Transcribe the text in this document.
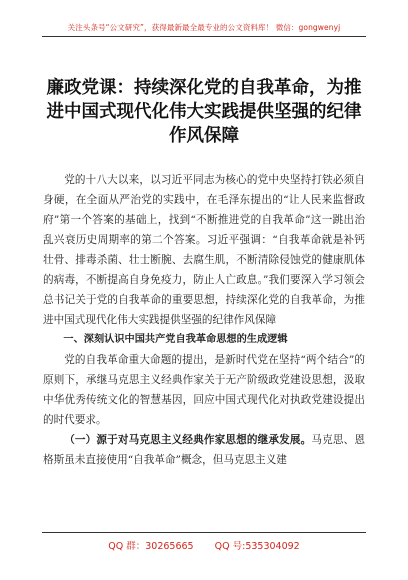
关注头条号“公文研究”，获得最新最全最专业的公文资料库！ 微信：gongwenyj
廉政党课：持续深化党的自我革命，为推进中国式现代化伟大实践提供坚强的纪律作风保障

党的十八大以来，以习近平同志为核心的党中央坚持打铁必须自身硬，在全面从严治党的实践中，在毛泽东提出的“让人民来监督政府”第一个答案的基础上，找到“不断推进党的自我革命”这一跳出治乱兴衰历史周期率的第二个答案。习近平强调：“自我革命就是补钙壮骨、排毒杀菌、壮士断腕、去腐生肌，不断清除侵蚀党的健康肌体的病毒，不断提高自身免疫力，防止人亡政息。”我们要深入学习领会总书记关于党的自我革命的重要思想，持续深化党的自我革命，为推进中国式现代化伟大实践提供坚强的纪律作风保障

一、深刻认识中国共产党自我革命思想的生成逻辑

党的自我革命重大命题的提出，是新时代党在坚持“两个结合”的原则下，承继马克思主义经典作家关于无产阶级政党建设思想，汲取中华优秀传统文化的智慧基因，回应中国式现代化对执政党建设提出的时代要求。

（一）源于对马克思主义经典作家思想的继承发展。马克思、恩格斯虽未直接使用“自我革命”概念，但马克思主义建

QQ 群：30265665 QQ 号:535304092
